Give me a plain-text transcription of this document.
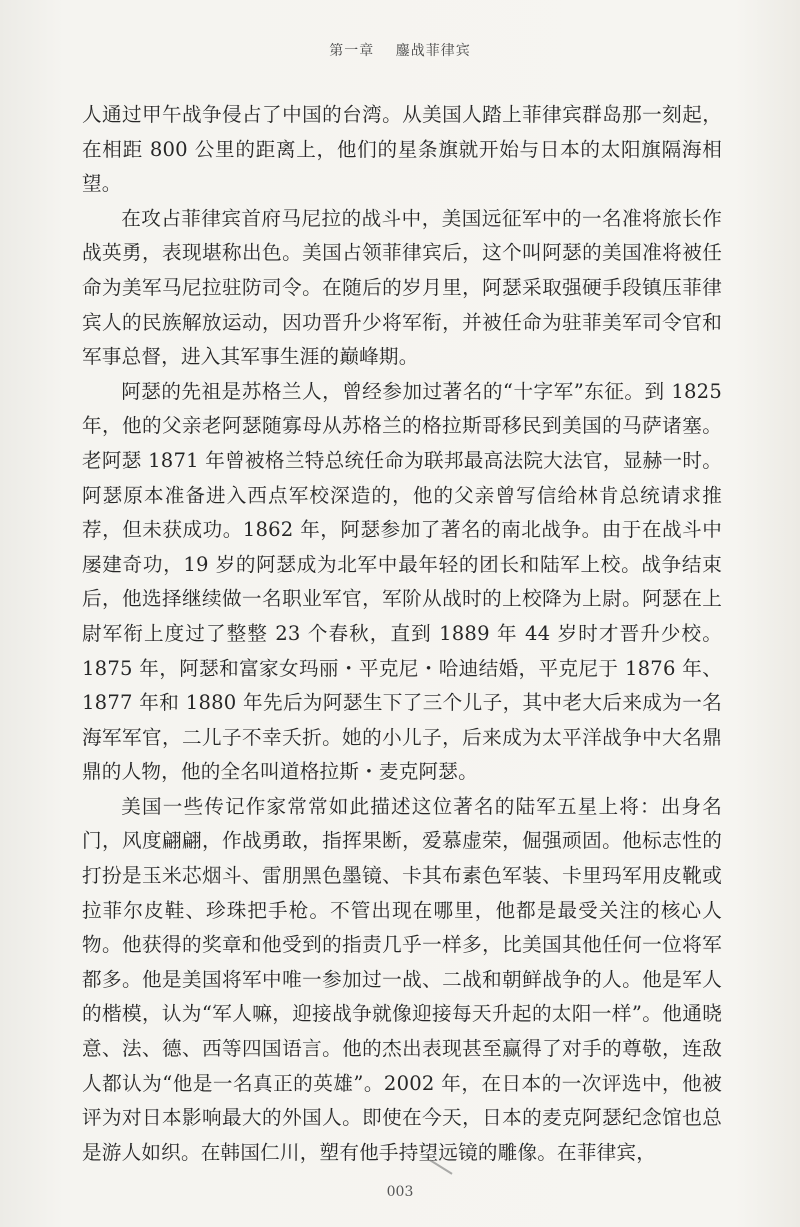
第一章 鏖战菲律宾

人通过甲午战争侵占了中国的台湾。从美国人踏上菲律宾群岛那一刻起，在相距 800 公里的距离上，他们的星条旗就开始与日本的太阳旗隔海相望。

在攻占菲律宾首府马尼拉的战斗中，美国远征军中的一名准将旅长作战英勇，表现堪称出色。美国占领菲律宾后，这个叫阿瑟的美国准将被任命为美军马尼拉驻防司令。在随后的岁月里，阿瑟采取强硬手段镇压菲律宾人的民族解放运动，因功晋升少将军衔，并被任命为驻菲美军司令官和军事总督，进入其军事生涯的巅峰期。

阿瑟的先祖是苏格兰人，曾经参加过著名的“十字军”东征。到 1825 年，他的父亲老阿瑟随寡母从苏格兰的格拉斯哥移民到美国的马萨诸塞。老阿瑟 1871 年曾被格兰特总统任命为联邦最高法院大法官，显赫一时。阿瑟原本准备进入西点军校深造的，他的父亲曾写信给林肯总统请求推荐，但未获成功。1862 年，阿瑟参加了著名的南北战争。由于在战斗中屡建奇功，19 岁的阿瑟成为北军中最年轻的团长和陆军上校。战争结束后，他选择继续做一名职业军官，军阶从战时的上校降为上尉。阿瑟在上尉军衔上度过了整整 23 个春秋，直到 1889 年 44 岁时才晋升少校。1875 年，阿瑟和富家女玛丽・平克尼・哈迪结婚，平克尼于 1876 年、1877 年和 1880 年先后为阿瑟生下了三个儿子，其中老大后来成为一名海军军官，二儿子不幸夭折。她的小儿子，后来成为太平洋战争中大名鼎鼎的人物，他的全名叫道格拉斯・麦克阿瑟。

美国一些传记作家常常如此描述这位著名的陆军五星上将：出身名门，风度翩翩，作战勇敢，指挥果断，爱慕虚荣，倔强顽固。他标志性的打扮是玉米芯烟斗、雷朋黑色墨镜、卡其布素色军装、卡里玛军用皮靴或拉菲尔皮鞋、珍珠把手枪。不管出现在哪里，他都是最受关注的核心人物。他获得的奖章和他受到的指责几乎一样多，比美国其他任何一位将军都多。他是美国将军中唯一参加过一战、二战和朝鲜战争的人。他是军人的楷模，认为“军人嘛，迎接战争就像迎接每天升起的太阳一样”。他通晓意、法、德、西等四国语言。他的杰出表现甚至赢得了对手的尊敬，连敌人都认为“他是一名真正的英雄”。2002 年，在日本的一次评选中，他被评为对日本影响最大的外国人。即使在今天，日本的麦克阿瑟纪念馆也总是游人如织。在韩国仁川，塑有他手持望远镜的雕像。在菲律宾，

003
